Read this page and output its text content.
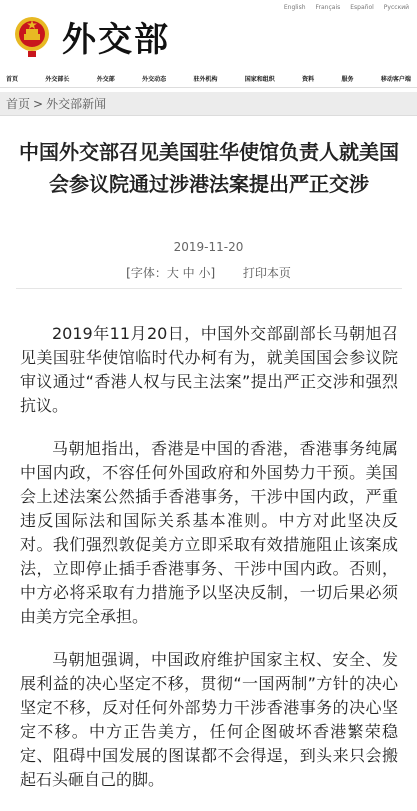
外交部
English Français Español Русский
首页	外交部长	外交部	外交动态	驻外机构	国家和组织	资料	服务	移动客户端
首页 > 外交部新闻
中国外交部召见美国驻华使馆负责人就美国会参议院通过涉港法案提出严正交涉
2019-11-20
[字体：大 中 小] 打印本页

2019年11月20日，中国外交部副部长马朝旭召见美国驻华使馆临时代办柯有为，就美国国会参议院审议通过“香港人权与民主法案”提出严正交涉和强烈抗议。

马朝旭指出，香港是中国的香港，香港事务纯属中国内政，不容任何外国政府和外国势力干预。美国会上述法案公然插手香港事务，干涉中国内政，严重违反国际法和国际关系基本准则。中方对此坚决反对。我们强烈敦促美方立即采取有效措施阻止该案成法，立即停止插手香港事务、干涉中国内政。否则，中方必将采取有力措施予以坚决反制，一切后果必须由美方完全承担。

马朝旭强调，中国政府维护国家主权、安全、发展利益的决心坚定不移，贯彻“一国两制”方针的决心坚定不移，反对任何外部势力干涉香港事务的决心坚定不移。中方正告美方，任何企图破坏香港繁荣稳定、阻碍中国发展的图谋都不会得逞，到头来只会搬起石头砸自己的脚。
